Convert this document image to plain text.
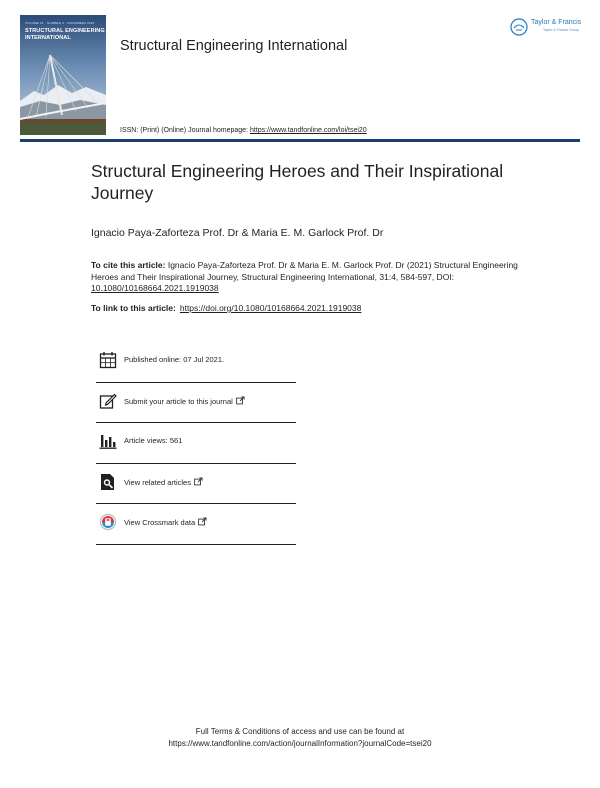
VOLUME 31 · NUMBER 4 · NOVEMBER 2021
STRUCTURAL ENGINEERING INTERNATIONAL
Structural Engineering International
Taylor & Francis
Taylor & Francis Group
ISSN: (Print) (Online) Journal homepage: https://www.tandfonline.com/loi/tsei20
Structural Engineering Heroes and Their Inspirational Journey
Ignacio Paya-Zaforteza Prof. Dr & Maria E. M. Garlock Prof. Dr
To cite this article: Ignacio Paya-Zaforteza Prof. Dr & Maria E. M. Garlock Prof. Dr (2021) Structural Engineering Heroes and Their Inspirational Journey, Structural Engineering International, 31:4, 584-597, DOI: 10.1080/10168664.2021.1919038
To link to this article: https://doi.org/10.1080/10168664.2021.1919038
Published online: 07 Jul 2021.
Submit your article to this journal
Article views: 561
View related articles
View Crossmark data
Full Terms & Conditions of access and use can be found at
https://www.tandfonline.com/action/journalInformation?journalCode=tsei20
